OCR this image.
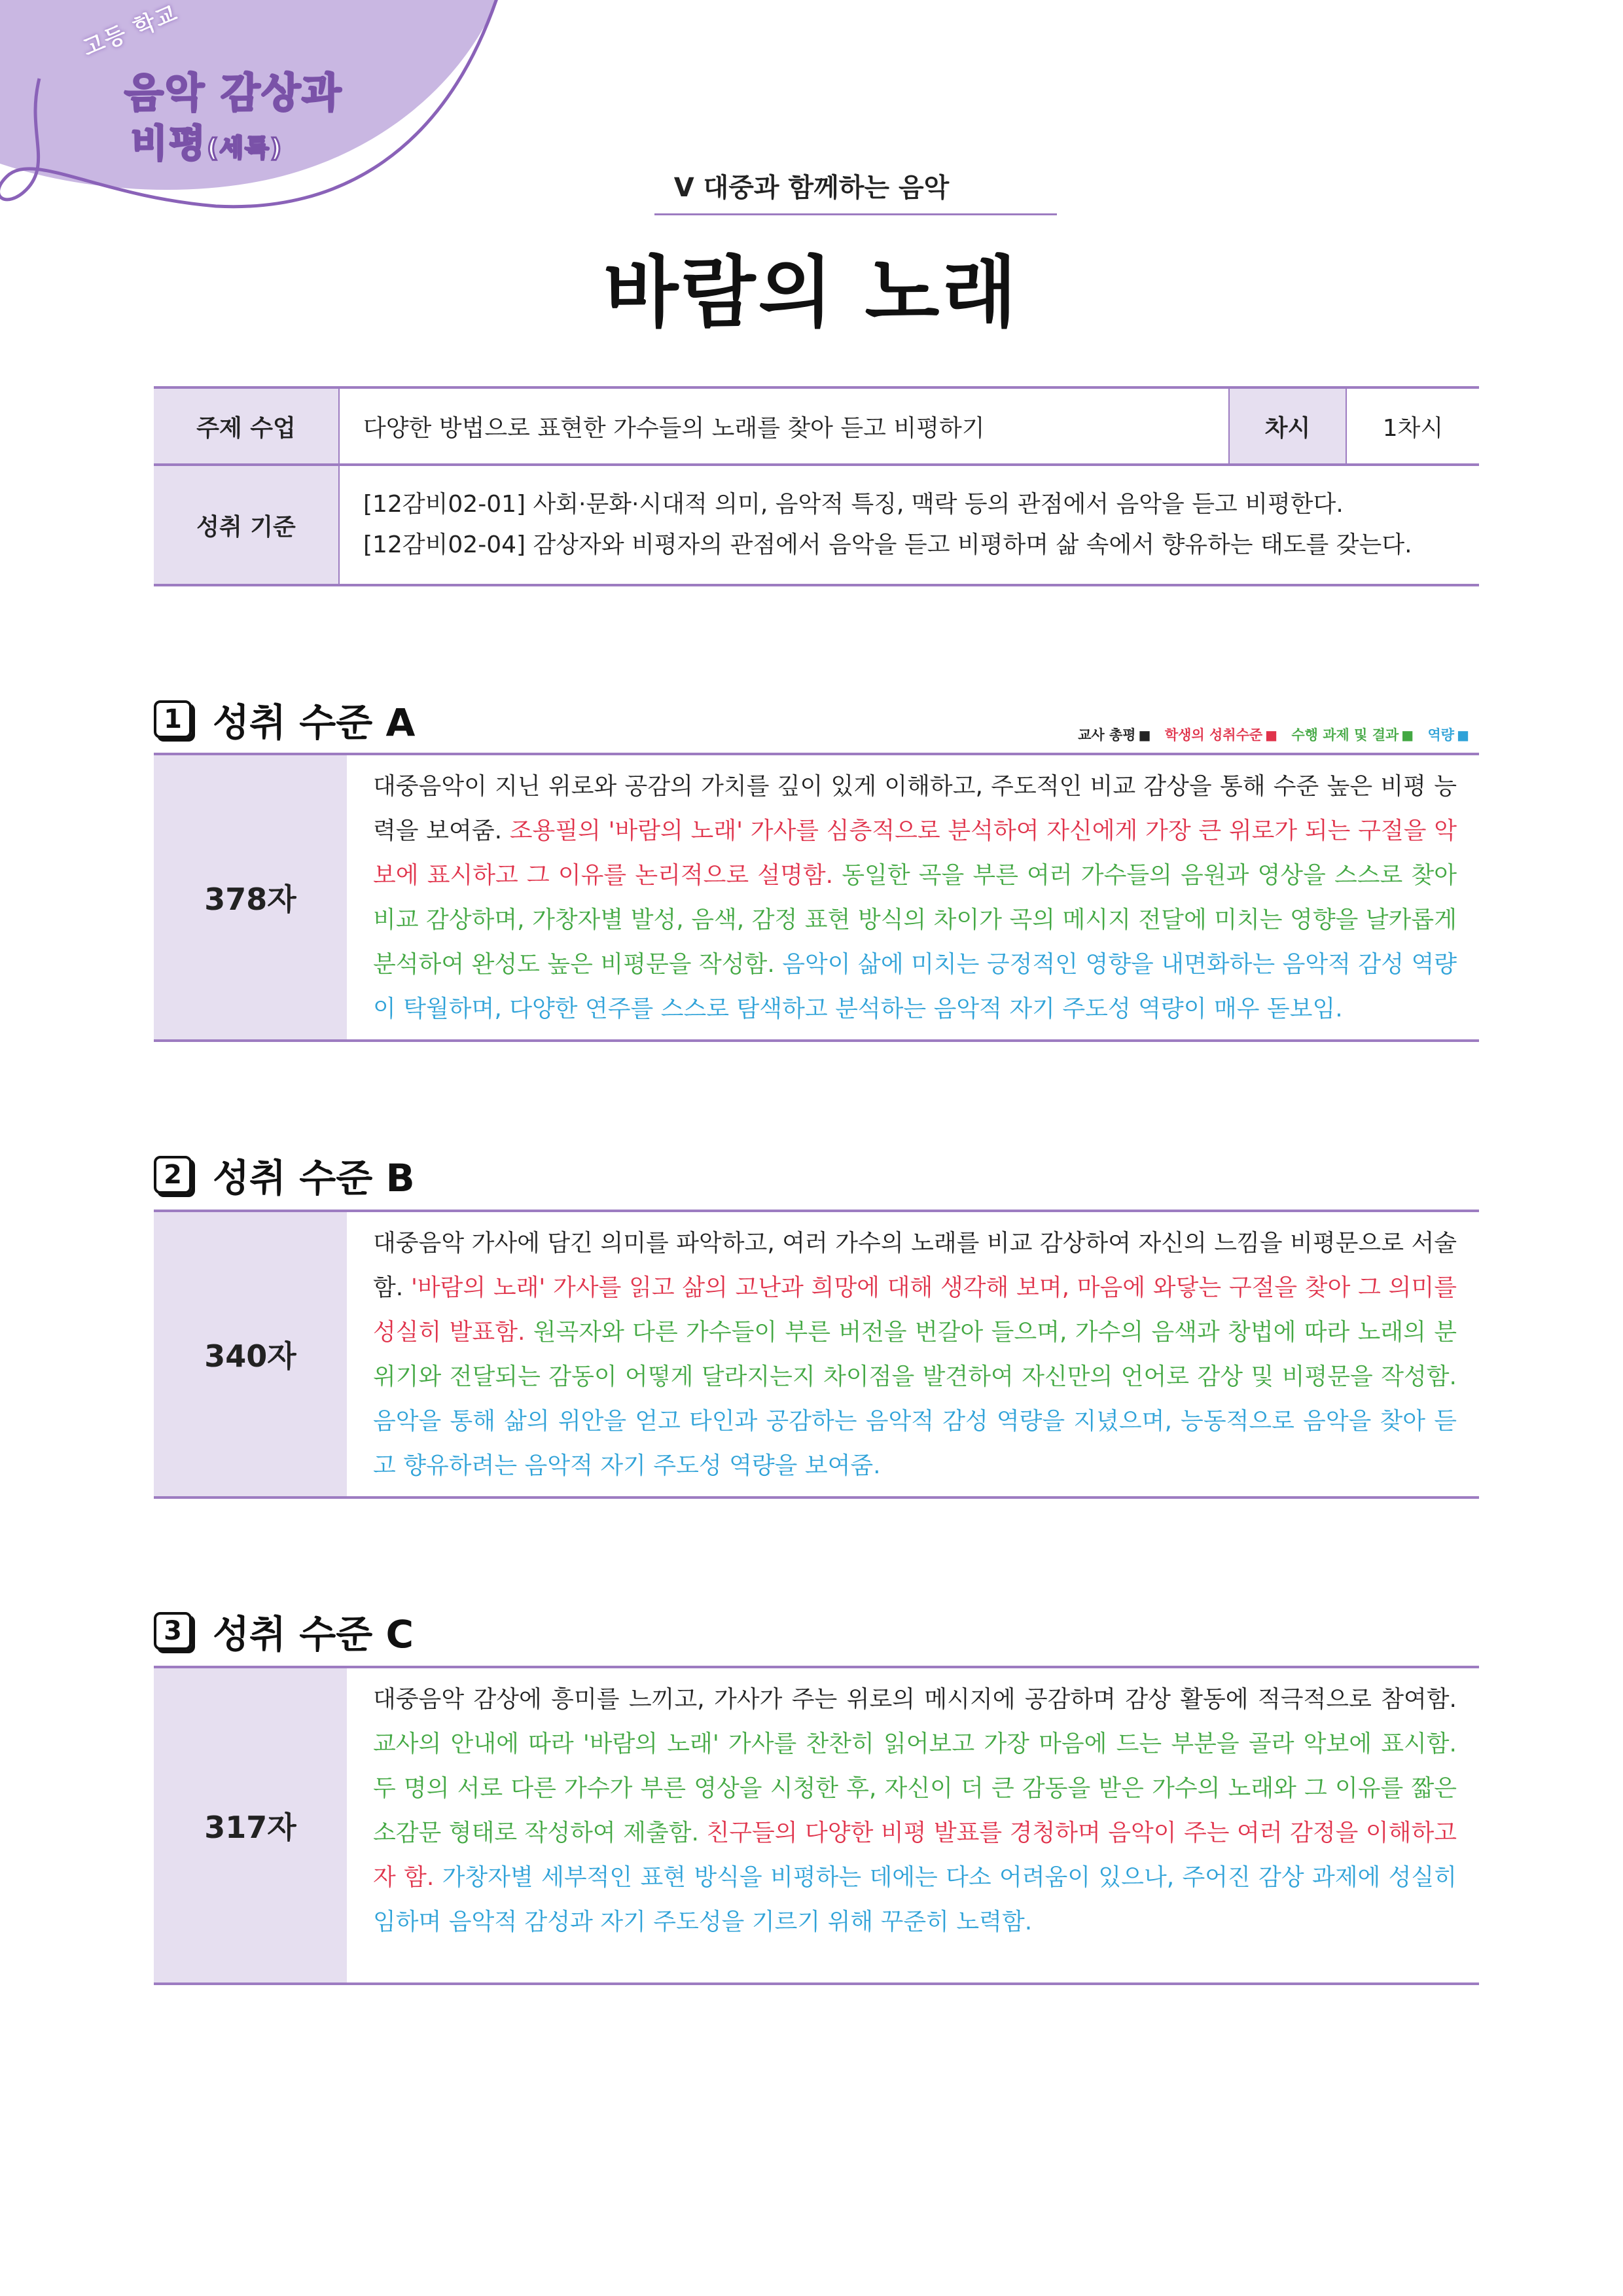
고등 학교
음악 감상과
비평(세특)
V 대중과 함께하는 음악
바람의 노래
주제 수업	다양한 방법으로 표현한 가수들의 노래를 찾아 듣고 비평하기	차시	1차시
성취 기준	[12감비02-01] 사회·문화·시대적 의미, 음악적 특징, 맥락 등의 관점에서 음악을 듣고 비평한다.
[12감비02-04] 감상자와 비평자의 관점에서 음악을 듣고 비평하며 삶 속에서 향유하는 태도를 갖는다.		
1 성취 수준 A	교사 총평 ■ 학생의 성취수준 ■ 수행 과제 및 결과 ■ 역량 ■
378자
대중음악이 지닌 위로와 공감의 가치를 깊이 있게 이해하고, 주도적인 비교 감상을 통해 수준 높은 비평 능력을 보여줌. 조용필의 '바람의 노래' 가사를 심층적으로 분석하여 자신에게 가장 큰 위로가 되는 구절을 악보에 표시하고 그 이유를 논리적으로 설명함. 동일한 곡을 부른 여러 가수들의 음원과 영상을 스스로 찾아 비교 감상하며, 가창자별 발성, 음색, 감정 표현 방식의 차이가 곡의 메시지 전달에 미치는 영향을 날카롭게 분석하여 완성도 높은 비평문을 작성함. 음악이 삶에 미치는 긍정적인 영향을 내면화하는 음악적 감성 역량이 탁월하며, 다양한 연주를 스스로 탐색하고 분석하는 음악적 자기 주도성 역량이 매우 돋보임.
2 성취 수준 B
340자
대중음악 가사에 담긴 의미를 파악하고, 여러 가수의 노래를 비교 감상하여 자신의 느낌을 비평문으로 서술함. '바람의 노래' 가사를 읽고 삶의 고난과 희망에 대해 생각해 보며, 마음에 와닿는 구절을 찾아 그 의미를 성실히 발표함. 원곡자와 다른 가수들이 부른 버전을 번갈아 들으며, 가수의 음색과 창법에 따라 노래의 분위기와 전달되는 감동이 어떻게 달라지는지 차이점을 발견하여 자신만의 언어로 감상 및 비평문을 작성함. 음악을 통해 삶의 위안을 얻고 타인과 공감하는 음악적 감성 역량을 지녔으며, 능동적으로 음악을 찾아 듣고 향유하려는 음악적 자기 주도성 역량을 보여줌.
3 성취 수준 C
317자
대중음악 감상에 흥미를 느끼고, 가사가 주는 위로의 메시지에 공감하며 감상 활동에 적극적으로 참여함. 교사의 안내에 따라 '바람의 노래' 가사를 찬찬히 읽어보고 가장 마음에 드는 부분을 골라 악보에 표시함. 두 명의 서로 다른 가수가 부른 영상을 시청한 후, 자신이 더 큰 감동을 받은 가수의 노래와 그 이유를 짧은 소감문 형태로 작성하여 제출함. 친구들의 다양한 비평 발표를 경청하며 음악이 주는 여러 감정을 이해하고자 함. 가창자별 세부적인 표현 방식을 비평하는 데에는 다소 어려움이 있으나, 주어진 감상 과제에 성실히 임하며 음악적 감성과 자기 주도성을 기르기 위해 꾸준히 노력함.
